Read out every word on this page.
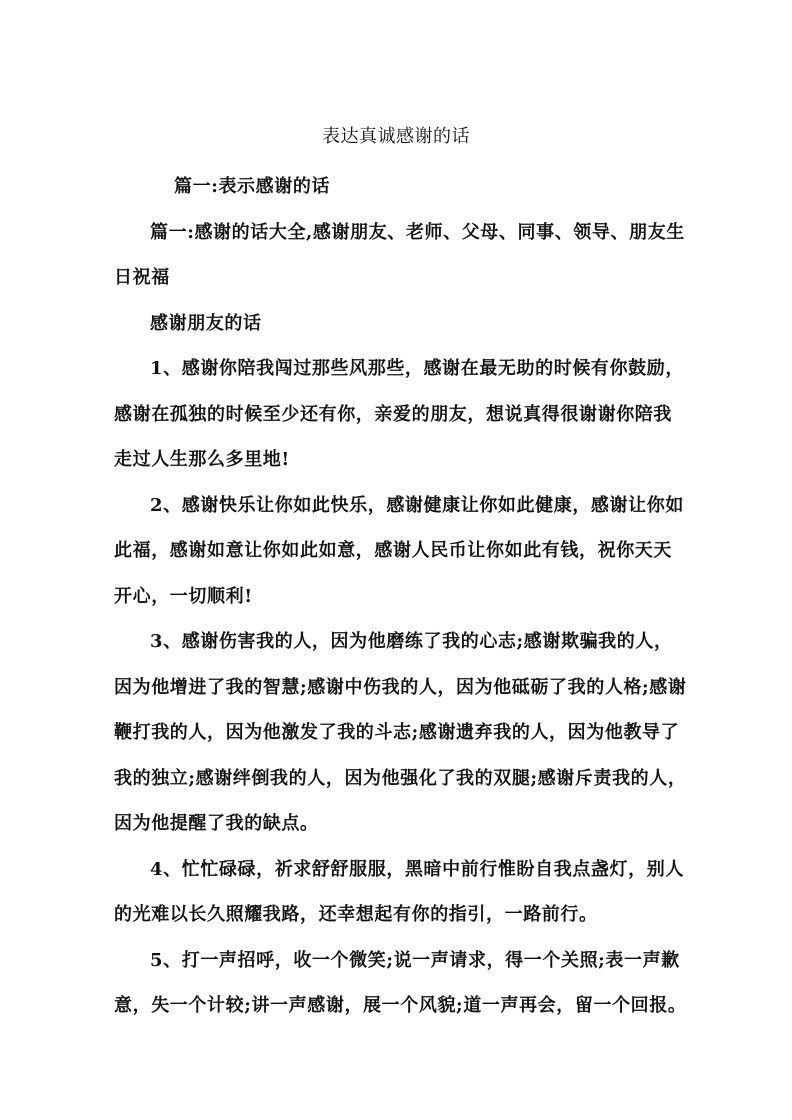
表达真诚感谢的话

篇一:表示感谢的话

篇一:感谢的话大全,感谢朋友、老师、父母、同事、领导、朋友生日祝福

感谢朋友的话

1、感谢你陪我闯过那些风那些，感谢在最无助的时候有你鼓励，感谢在孤独的时候至少还有你，亲爱的朋友，想说真得很谢谢你陪我走过人生那么多里地!

2、感谢快乐让你如此快乐，感谢健康让你如此健康，感谢让你如此福，感谢如意让你如此如意，感谢人民币让你如此有钱，祝你天天开心，一切顺利!

3、感谢伤害我的人，因为他磨练了我的心志;感谢欺骗我的人，因为他增进了我的智慧;感谢中伤我的人，因为他砥砺了我的人格;感谢鞭打我的人，因为他激发了我的斗志;感谢遗弃我的人，因为他教导了我的独立;感谢绊倒我的人，因为他强化了我的双腿;感谢斥责我的人，因为他提醒了我的缺点。

4、忙忙碌碌，祈求舒舒服服，黑暗中前行惟盼自我点盏灯，别人的光难以长久照耀我路，还幸想起有你的指引，一路前行。

5、打一声招呼，收一个微笑;说一声请求，得一个关照;表一声歉意，失一个计较;讲一声感谢，展一个风貌;道一声再会，留一个回报。
